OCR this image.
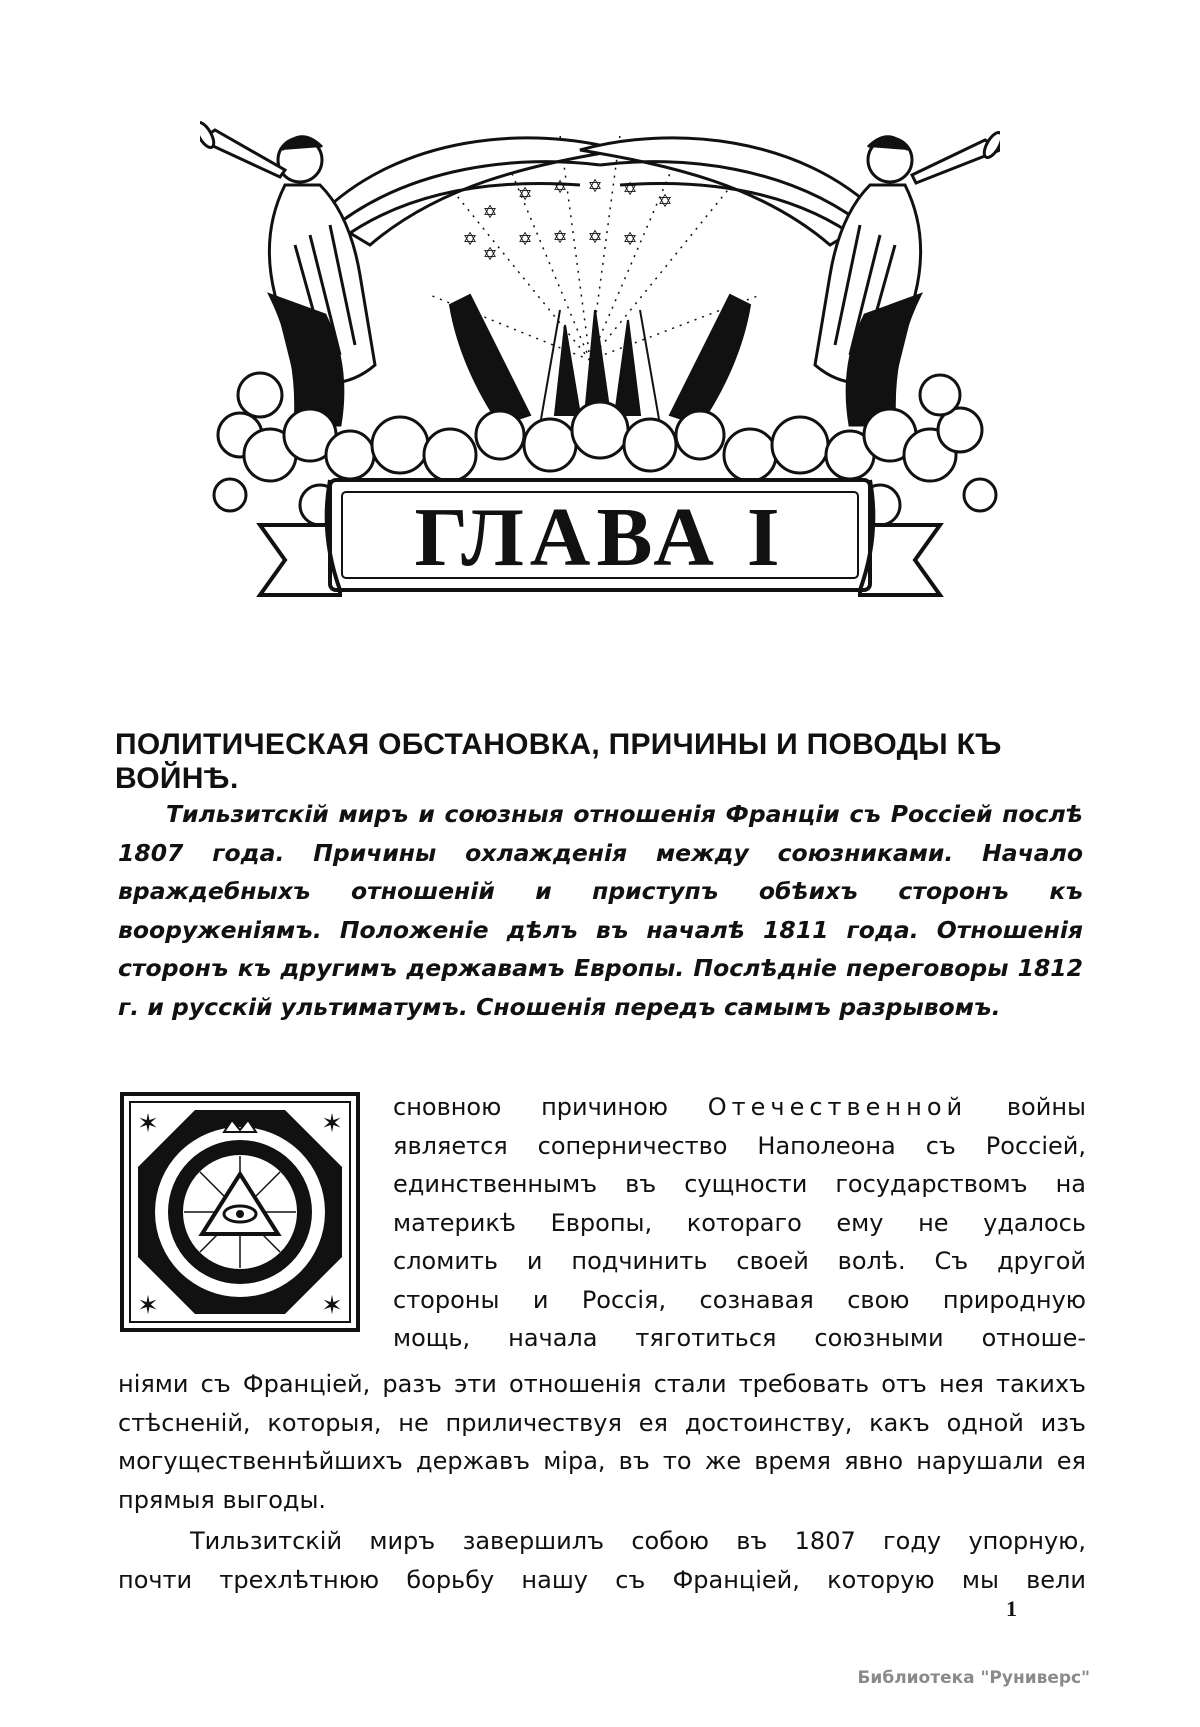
✡
✡
✡ ✡ ✡ ✡
✡
✡
✡ ✡ ✡ ✡
ГЛАВА I
ПОЛИТИЧЕСКАЯ ОБСТАНОВКА, ПРИЧИНЫ И ПОВОДЫ КЪ ВОЙНѢ.
Тильзитскій миръ и союзныя отношенія Франціи съ Россіей послѣ 1807 года. Причины охлажденія между союзниками. Начало враждебныхъ отношеній и приступъ обѣихъ сторонъ къ вооруженіямъ. Положеніе дѣлъ въ началѣ 1811 года. Отношенія сторонъ къ другимъ державамъ Европы. Послѣдніе переговоры 1812 г. и русскій ультиматумъ. Сношенія передъ самымъ разрывомъ.
✶	✶
✶	✶
сновною причиною Отечественной войны
является соперничество Наполеона съ Россіей,
единственнымъ въ сущности государствомъ на
материкѣ Европы, котораго ему не удалось
сломить и подчинить своей волѣ. Съ другой
стороны и Россія, сознавая свою природную
мощь, начала тяготиться союзными отноше-
ніями съ Франціей, разъ эти отношенія стали требовать отъ нея такихъ стѣсненій, которыя, не приличествуя ея достоинству, какъ одной изъ могущественнѣйшихъ державъ міра, въ то же время явно нарушали ея прямыя выгоды.
Тильзитскій миръ завершилъ собою въ 1807 году упорную,
почти трехлѣтнюю борьбу нашу съ Франціей, которую мы вели
1
Библиотека "Руниверс"
